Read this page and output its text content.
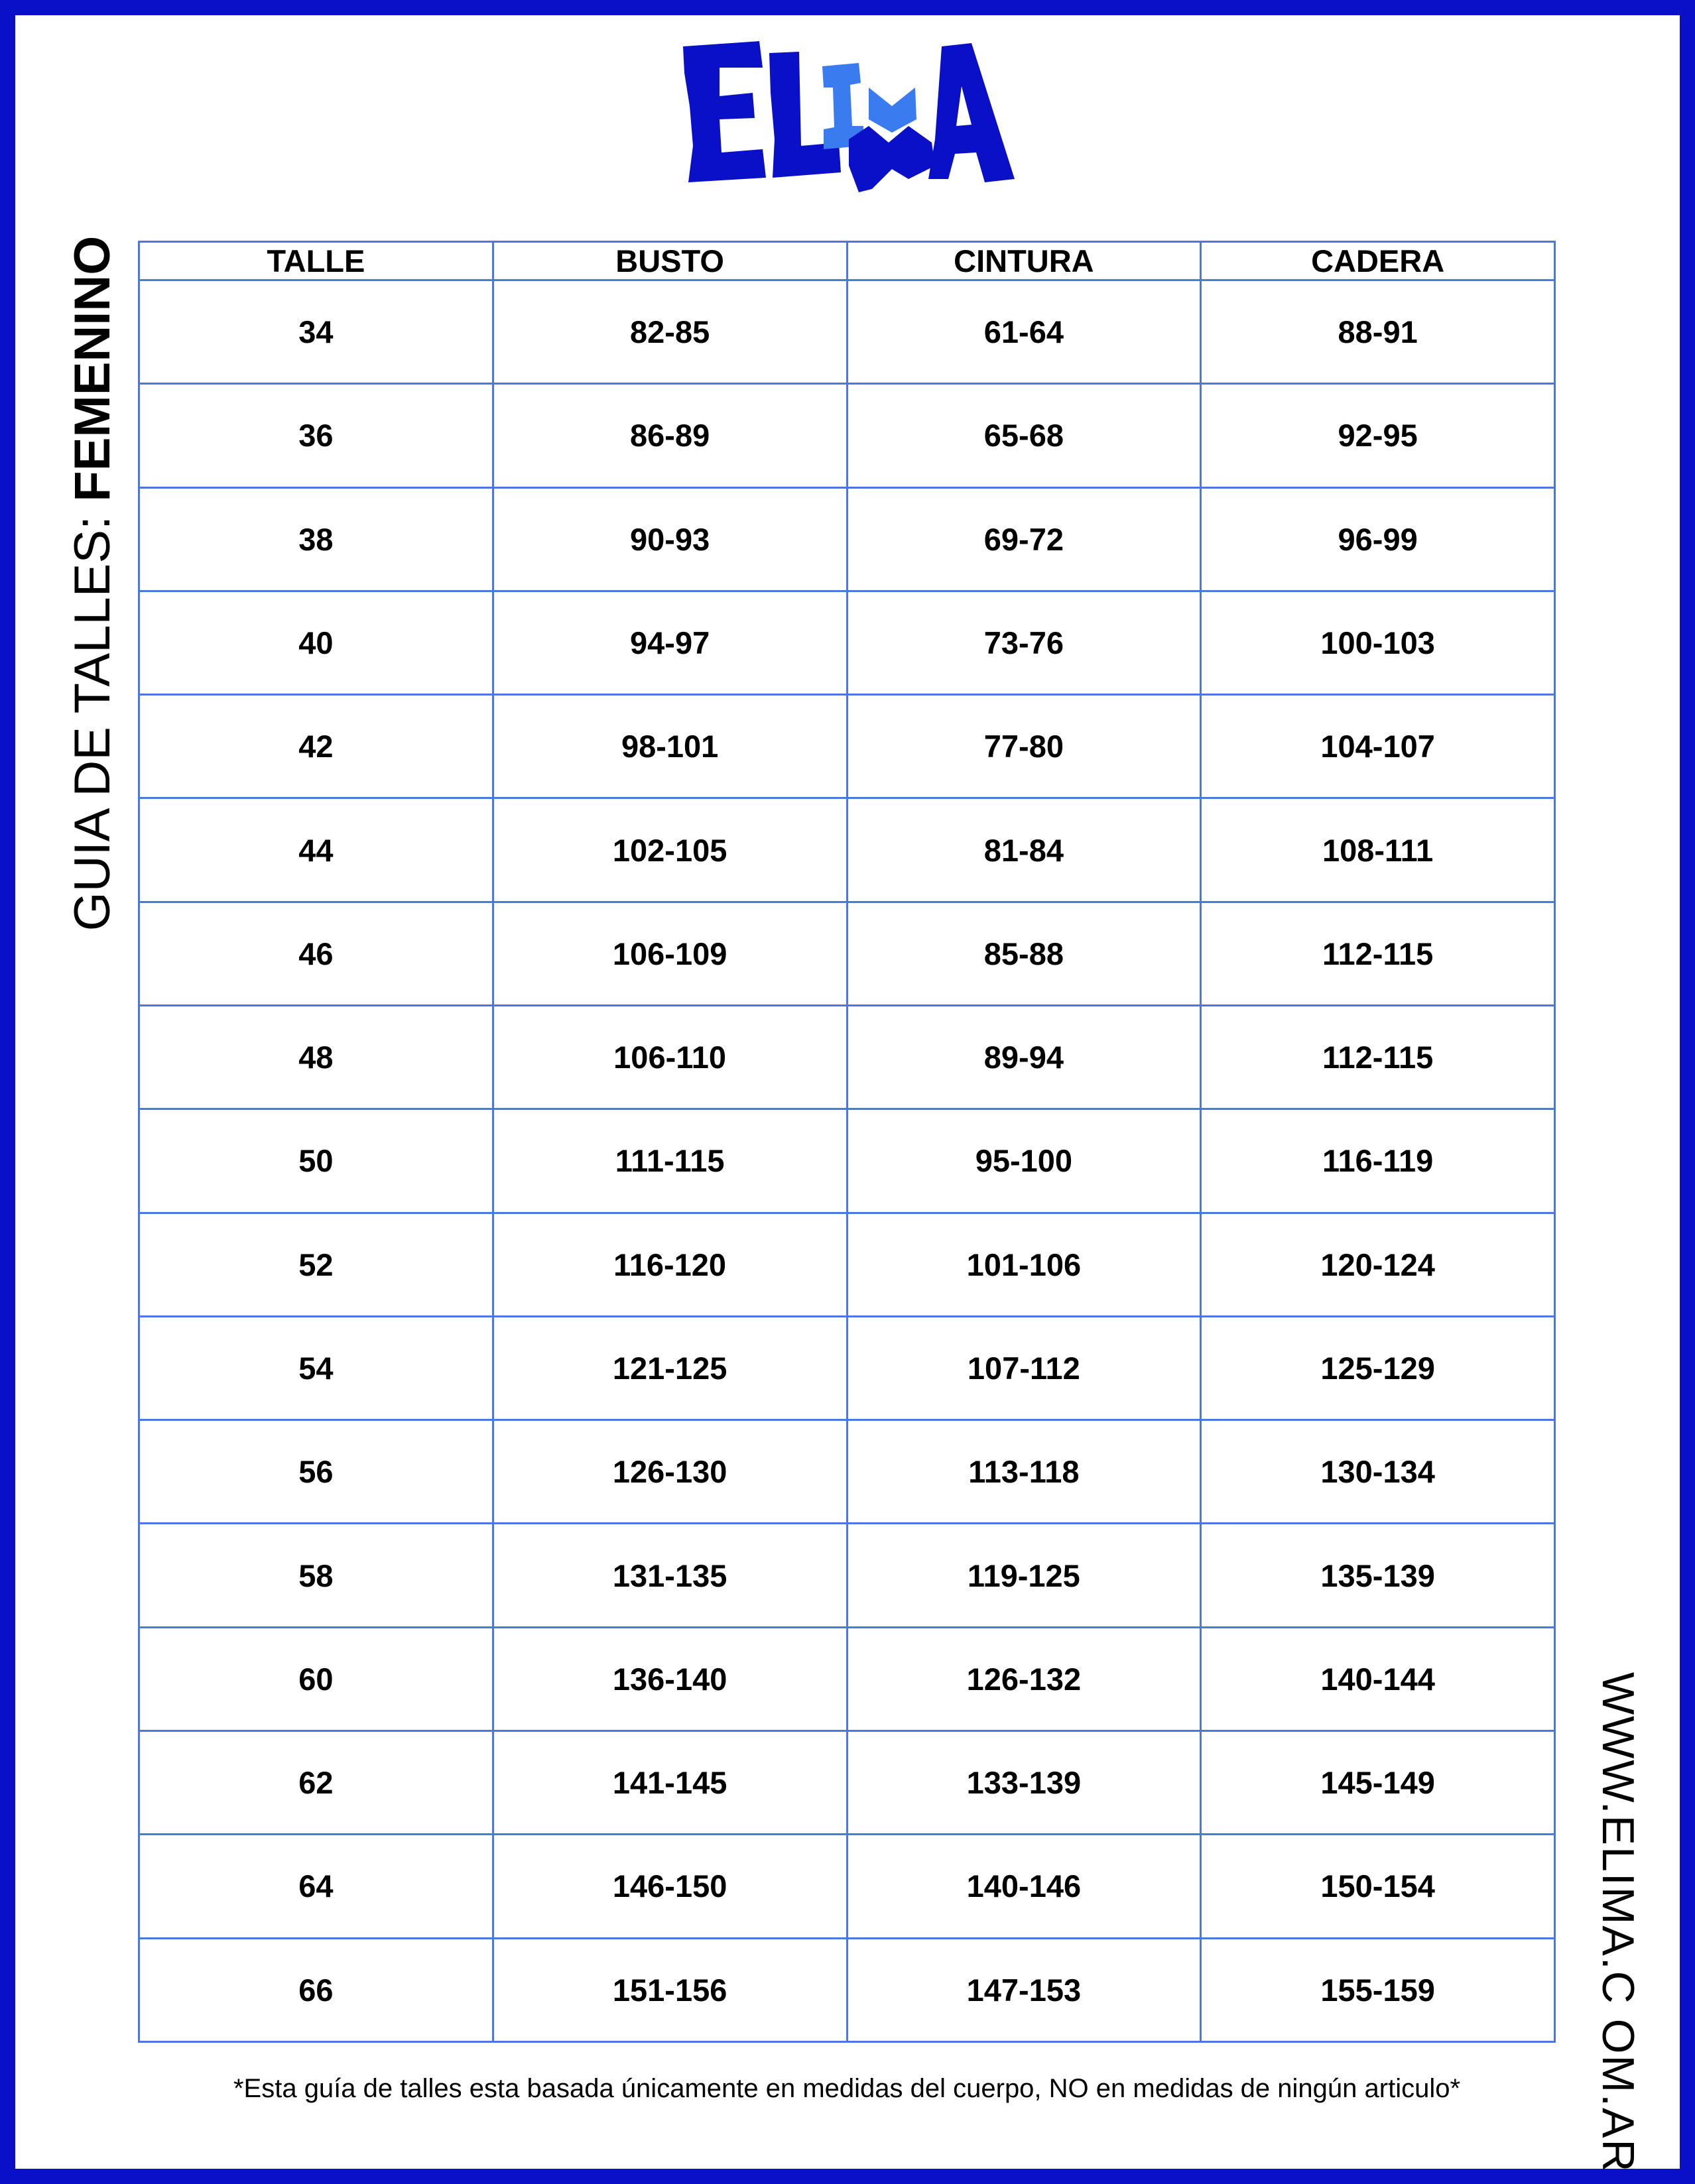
ELIMA
GUIA DE TALLES: FEMENINO
WWW.ELIMA.C OM.AR
TALLE	BUSTO	CINTURA	CADERA
34	82-85	61-64	88-91
36	86-89	65-68	92-95
38	90-93	69-72	96-99
40	94-97	73-76	100-103
42	98-101	77-80	104-107
44	102-105	81-84	108-111
46	106-109	85-88	112-115
48	106-110	89-94	112-115
50	111-115	95-100	116-119
52	116-120	101-106	120-124
54	121-125	107-112	125-129
56	126-130	113-118	130-134
58	131-135	119-125	135-139
60	136-140	126-132	140-144
62	141-145	133-139	145-149
64	146-150	140-146	150-154
66	151-156	147-153	155-159
*Esta guía de talles esta basada únicamente en medidas del cuerpo, NO en medidas de ningún articulo*
